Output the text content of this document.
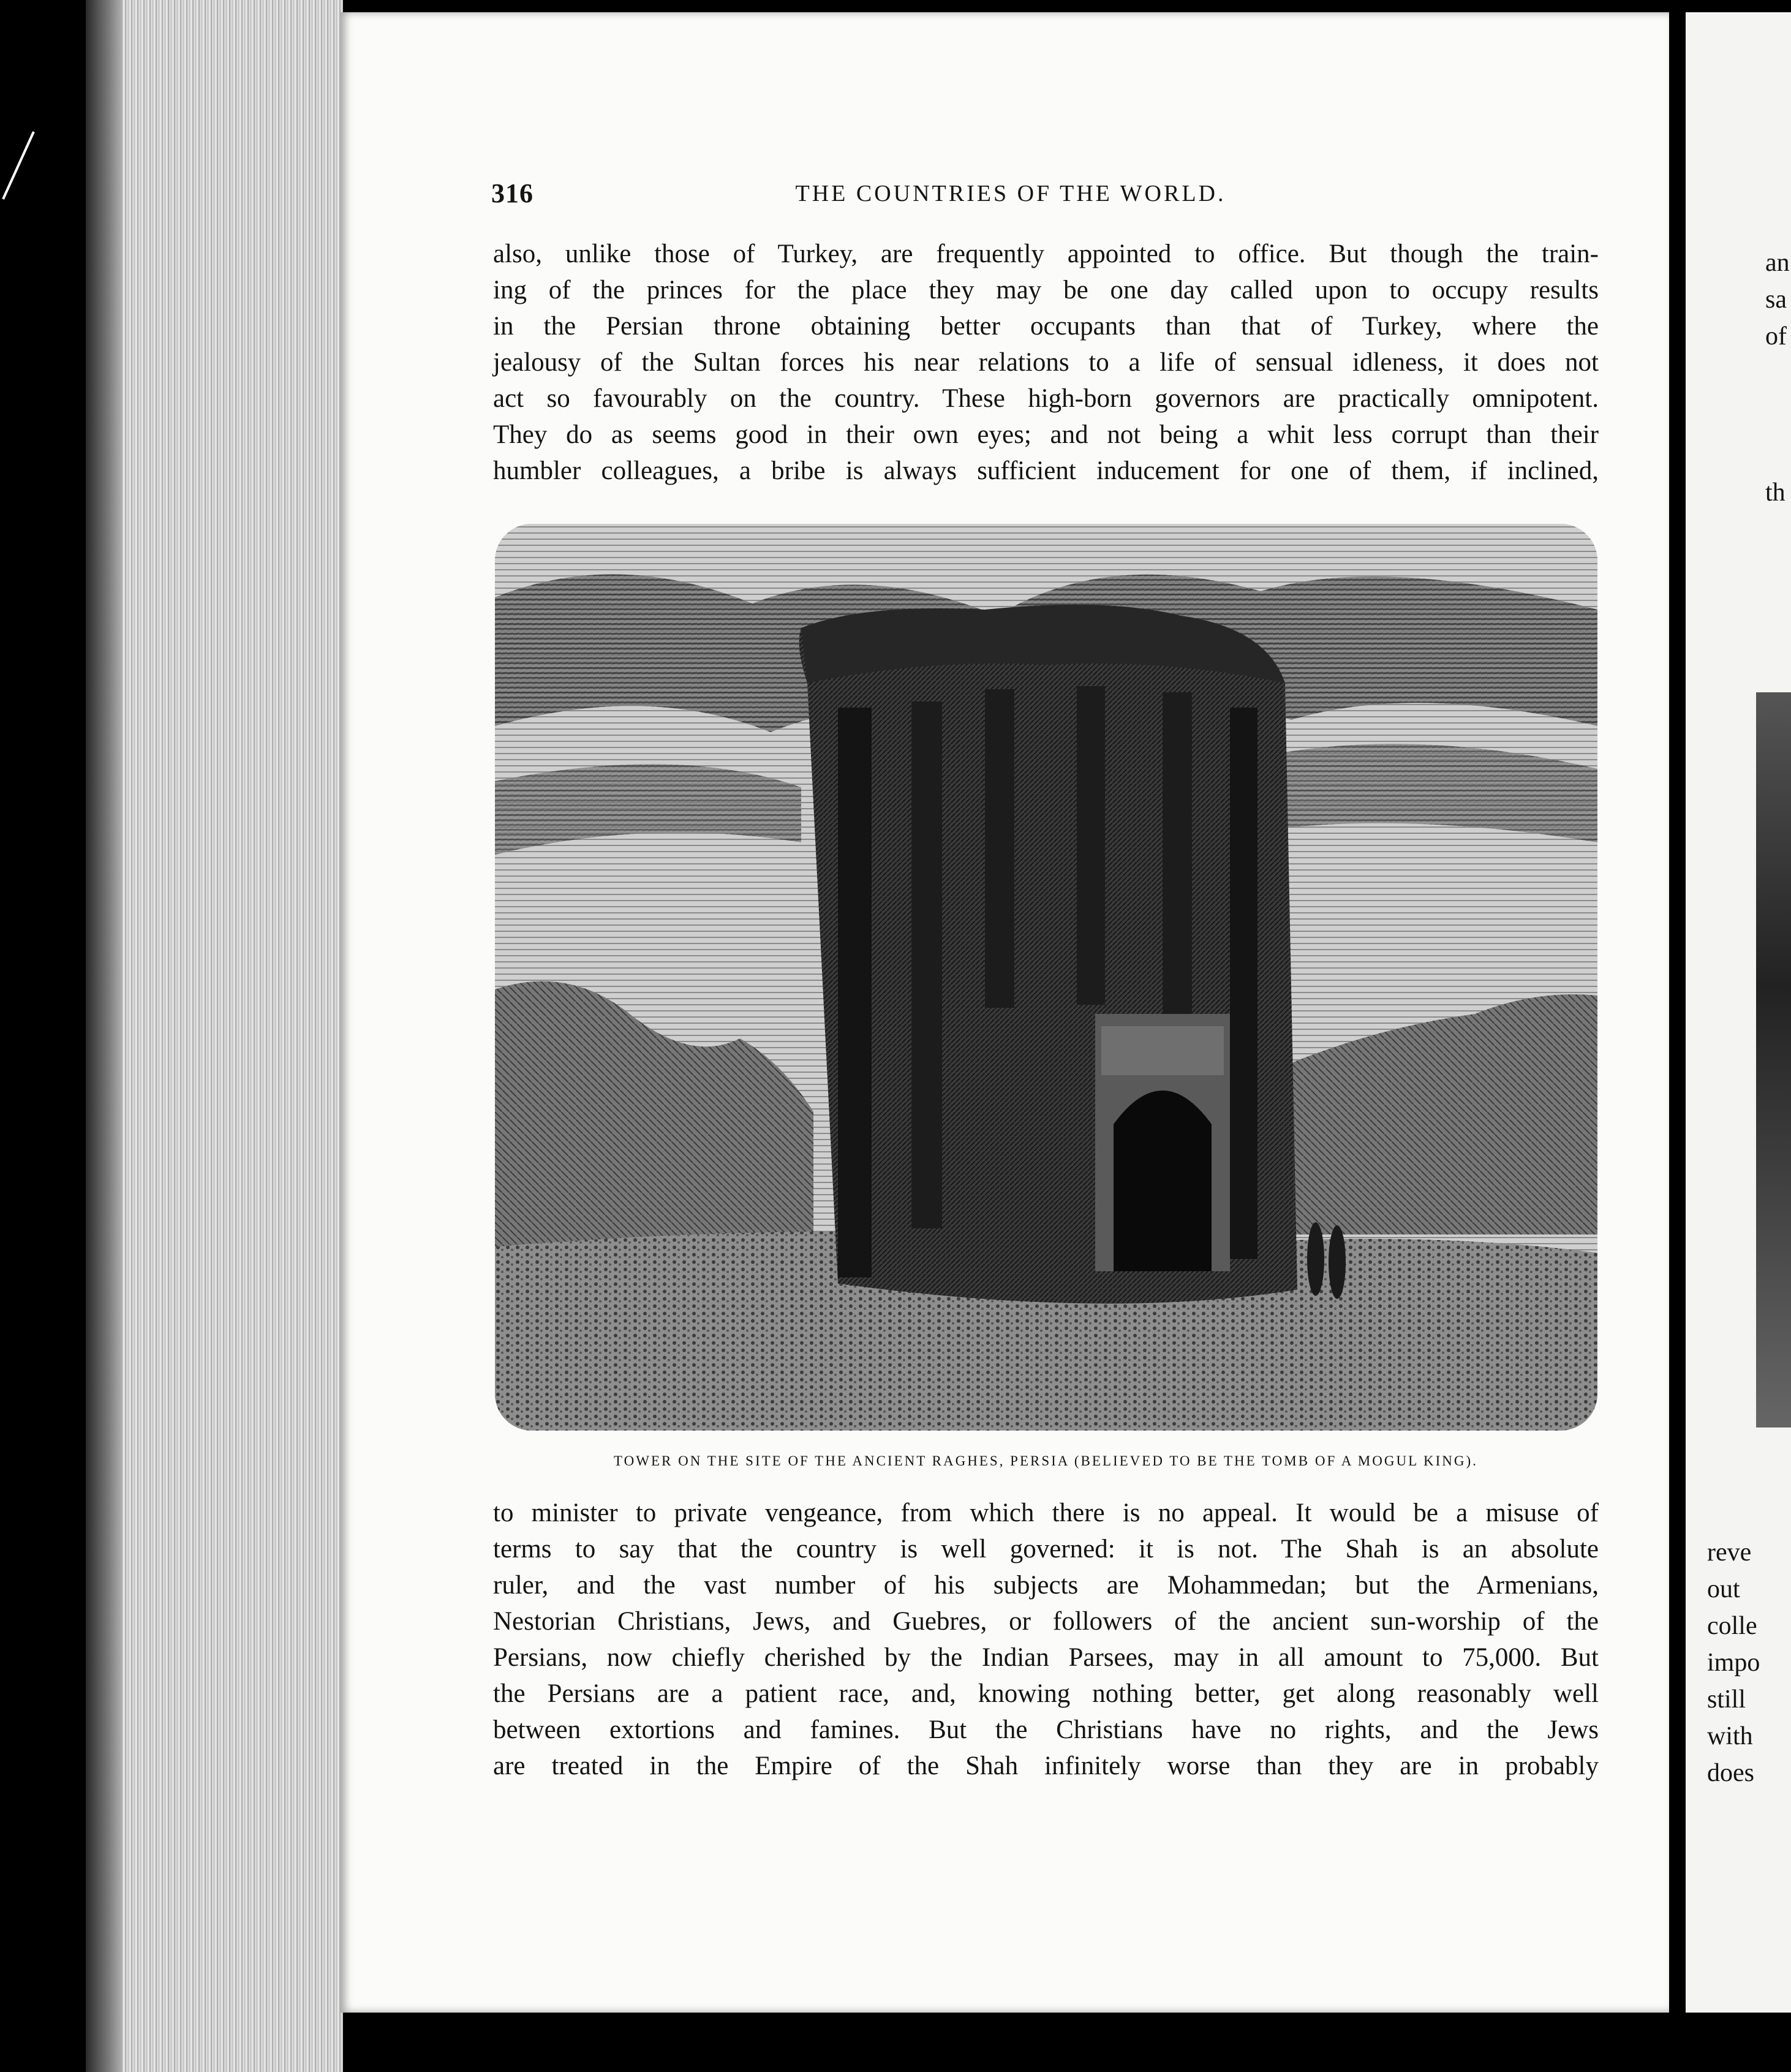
316	THE COUNTRIES OF THE WORLD.
also, unlike those of Turkey, are frequently appointed to office. But though the train-
ing of the princes for the place they may be one day called upon to occupy results
in the Persian throne obtaining better occupants than that of Turkey, where the
jealousy of the Sultan forces his near relations to a life of sensual idleness, it does not
act so favourably on the country. These high-born governors are practically omnipotent.
They do as seems good in their own eyes; and not being a whit less corrupt than their
humbler colleagues, a bribe is always sufficient inducement for one of them, if inclined,
TOWER ON THE SITE OF THE ANCIENT RAGHES, PERSIA (BELIEVED TO BE THE TOMB OF A MOGUL KING).
to minister to private vengeance, from which there is no appeal. It would be a misuse of
terms to say that the country is well governed: it is not. The Shah is an absolute
ruler, and the vast number of his subjects are Mohammedan; but the Armenians,
Nestorian Christians, Jews, and Guebres, or followers of the ancient sun-worship of the
Persians, now chiefly cherished by the Indian Parsees, may in all amount to 75,000. But
the Persians are a patient race, and, knowing nothing better, get along reasonably well
between extortions and famines. But the Christians have no rights, and the Jews
are treated in the Empire of the Shah infinitely worse than they are in probably
an
sa
of
th
reve
out
colle
impo
still
with
does
